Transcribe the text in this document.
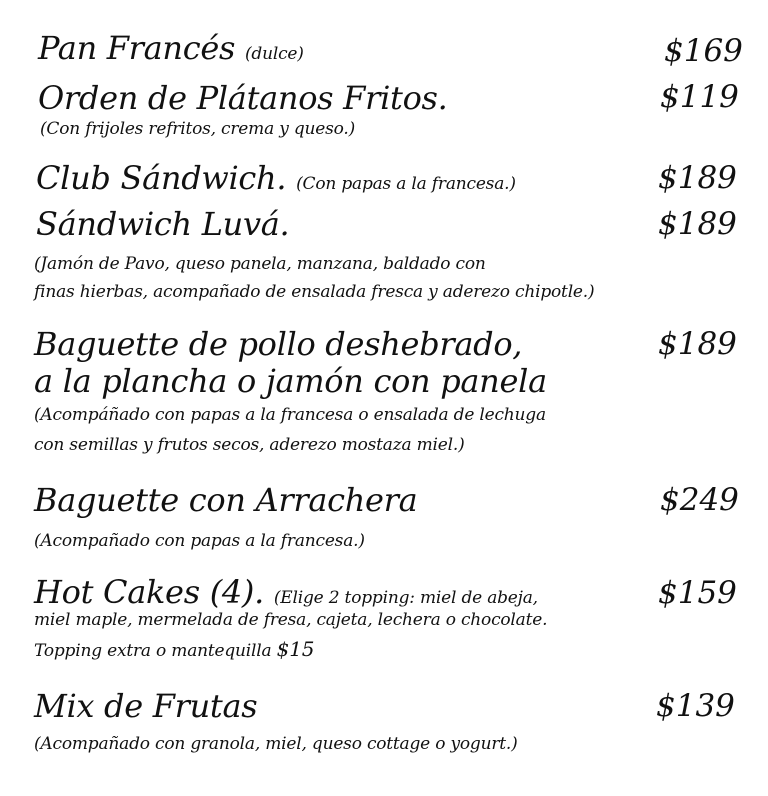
Pan Francés (dulce)	$169
Orden de Plátanos Fritos.	$119
(Con frijoles refritos, crema y queso.)
Club Sándwich. (Con papas a la francesa.)	$189
Sándwich Luvá.	$189
(Jamón de Pavo, queso panela, manzana, baldado con
finas hierbas, acompañado de ensalada fresca y aderezo chipotle.)
Baguette de pollo deshebrado,
a la plancha o jamón con panela
$189
(Acompáñado con papas a la francesa o ensalada de lechuga
con semillas y frutos secos, aderezo mostaza miel.)
Baguette con Arrachera	$249
(Acompañado con papas a la francesa.)
Hot Cakes (4). (Elige 2 topping: miel de abeja,	$159
miel maple, mermelada de fresa, cajeta, lechera o chocolate.
Topping extra o mantequilla $15
Mix de Frutas	$139
(Acompañado con granola, miel, queso cottage o yogurt.)
